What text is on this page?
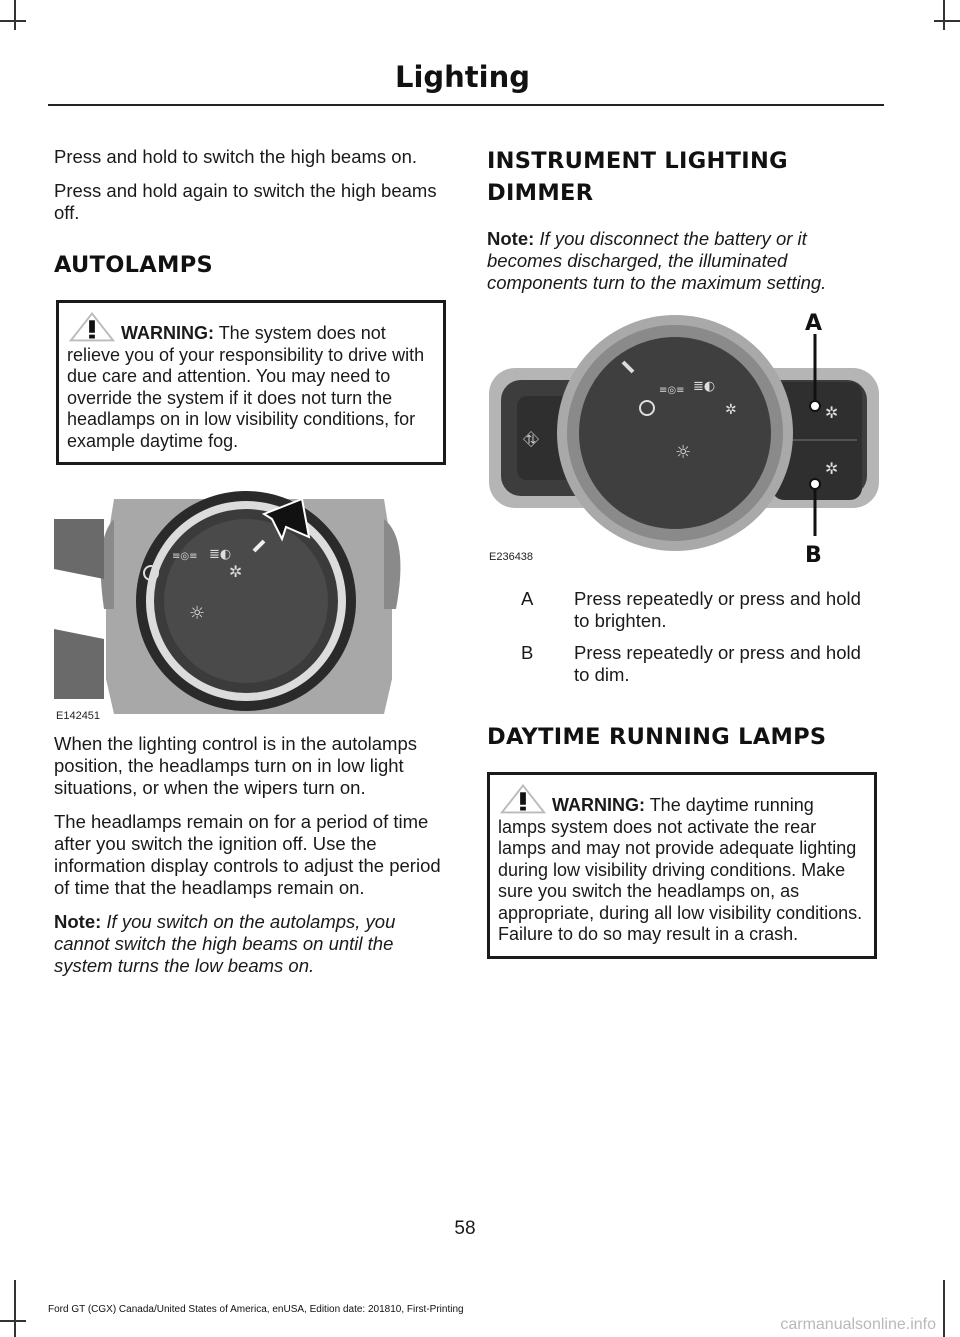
Lighting

Press and hold to switch the high beams on.

Press and hold again to switch the high beams off.

AUTOLAMPS
WARNING: The system does not relieve you of your responsibility to drive with due care and attention. You may need to override the system if it does not turn the headlamps on in low visibility conditions, for example daytime fog.
≡◎≡ ≣◐
✲
☼
E142451

When the lighting control is in the autolamps position, the headlamps turn on in low light situations, or when the wipers turn on.

The headlamps remain on for a period of time after you switch the ignition off. Use the information display controls to adjust the period of time that the headlamps remain on.

Note: If you switch on the autolamps, you cannot switch the high beams on until the system turns the low beams on.

INSTRUMENT LIGHTING
DIMMER

Note: If you disconnect the battery or it becomes discharged, the illuminated components turn to the maximum setting.

⛗
✲
✲
≡◎≡ ≣◐
✲
☼
A
B
E236438
A Press repeatedly or press and hold to brighten.
B Press repeatedly or press and hold to dim.
DAYTIME RUNNING LAMPS
WARNING: The daytime running lamps system does not activate the rear lamps and may not provide adequate lighting during low visibility driving conditions. Make sure you switch the headlamps on, as appropriate, during all low visibility conditions. Failure to do so may result in a crash.
58
Ford GT (CGX) Canada/United States of America, enUSA, Edition date: 201810, First-Printing
carmanualsonline.info
